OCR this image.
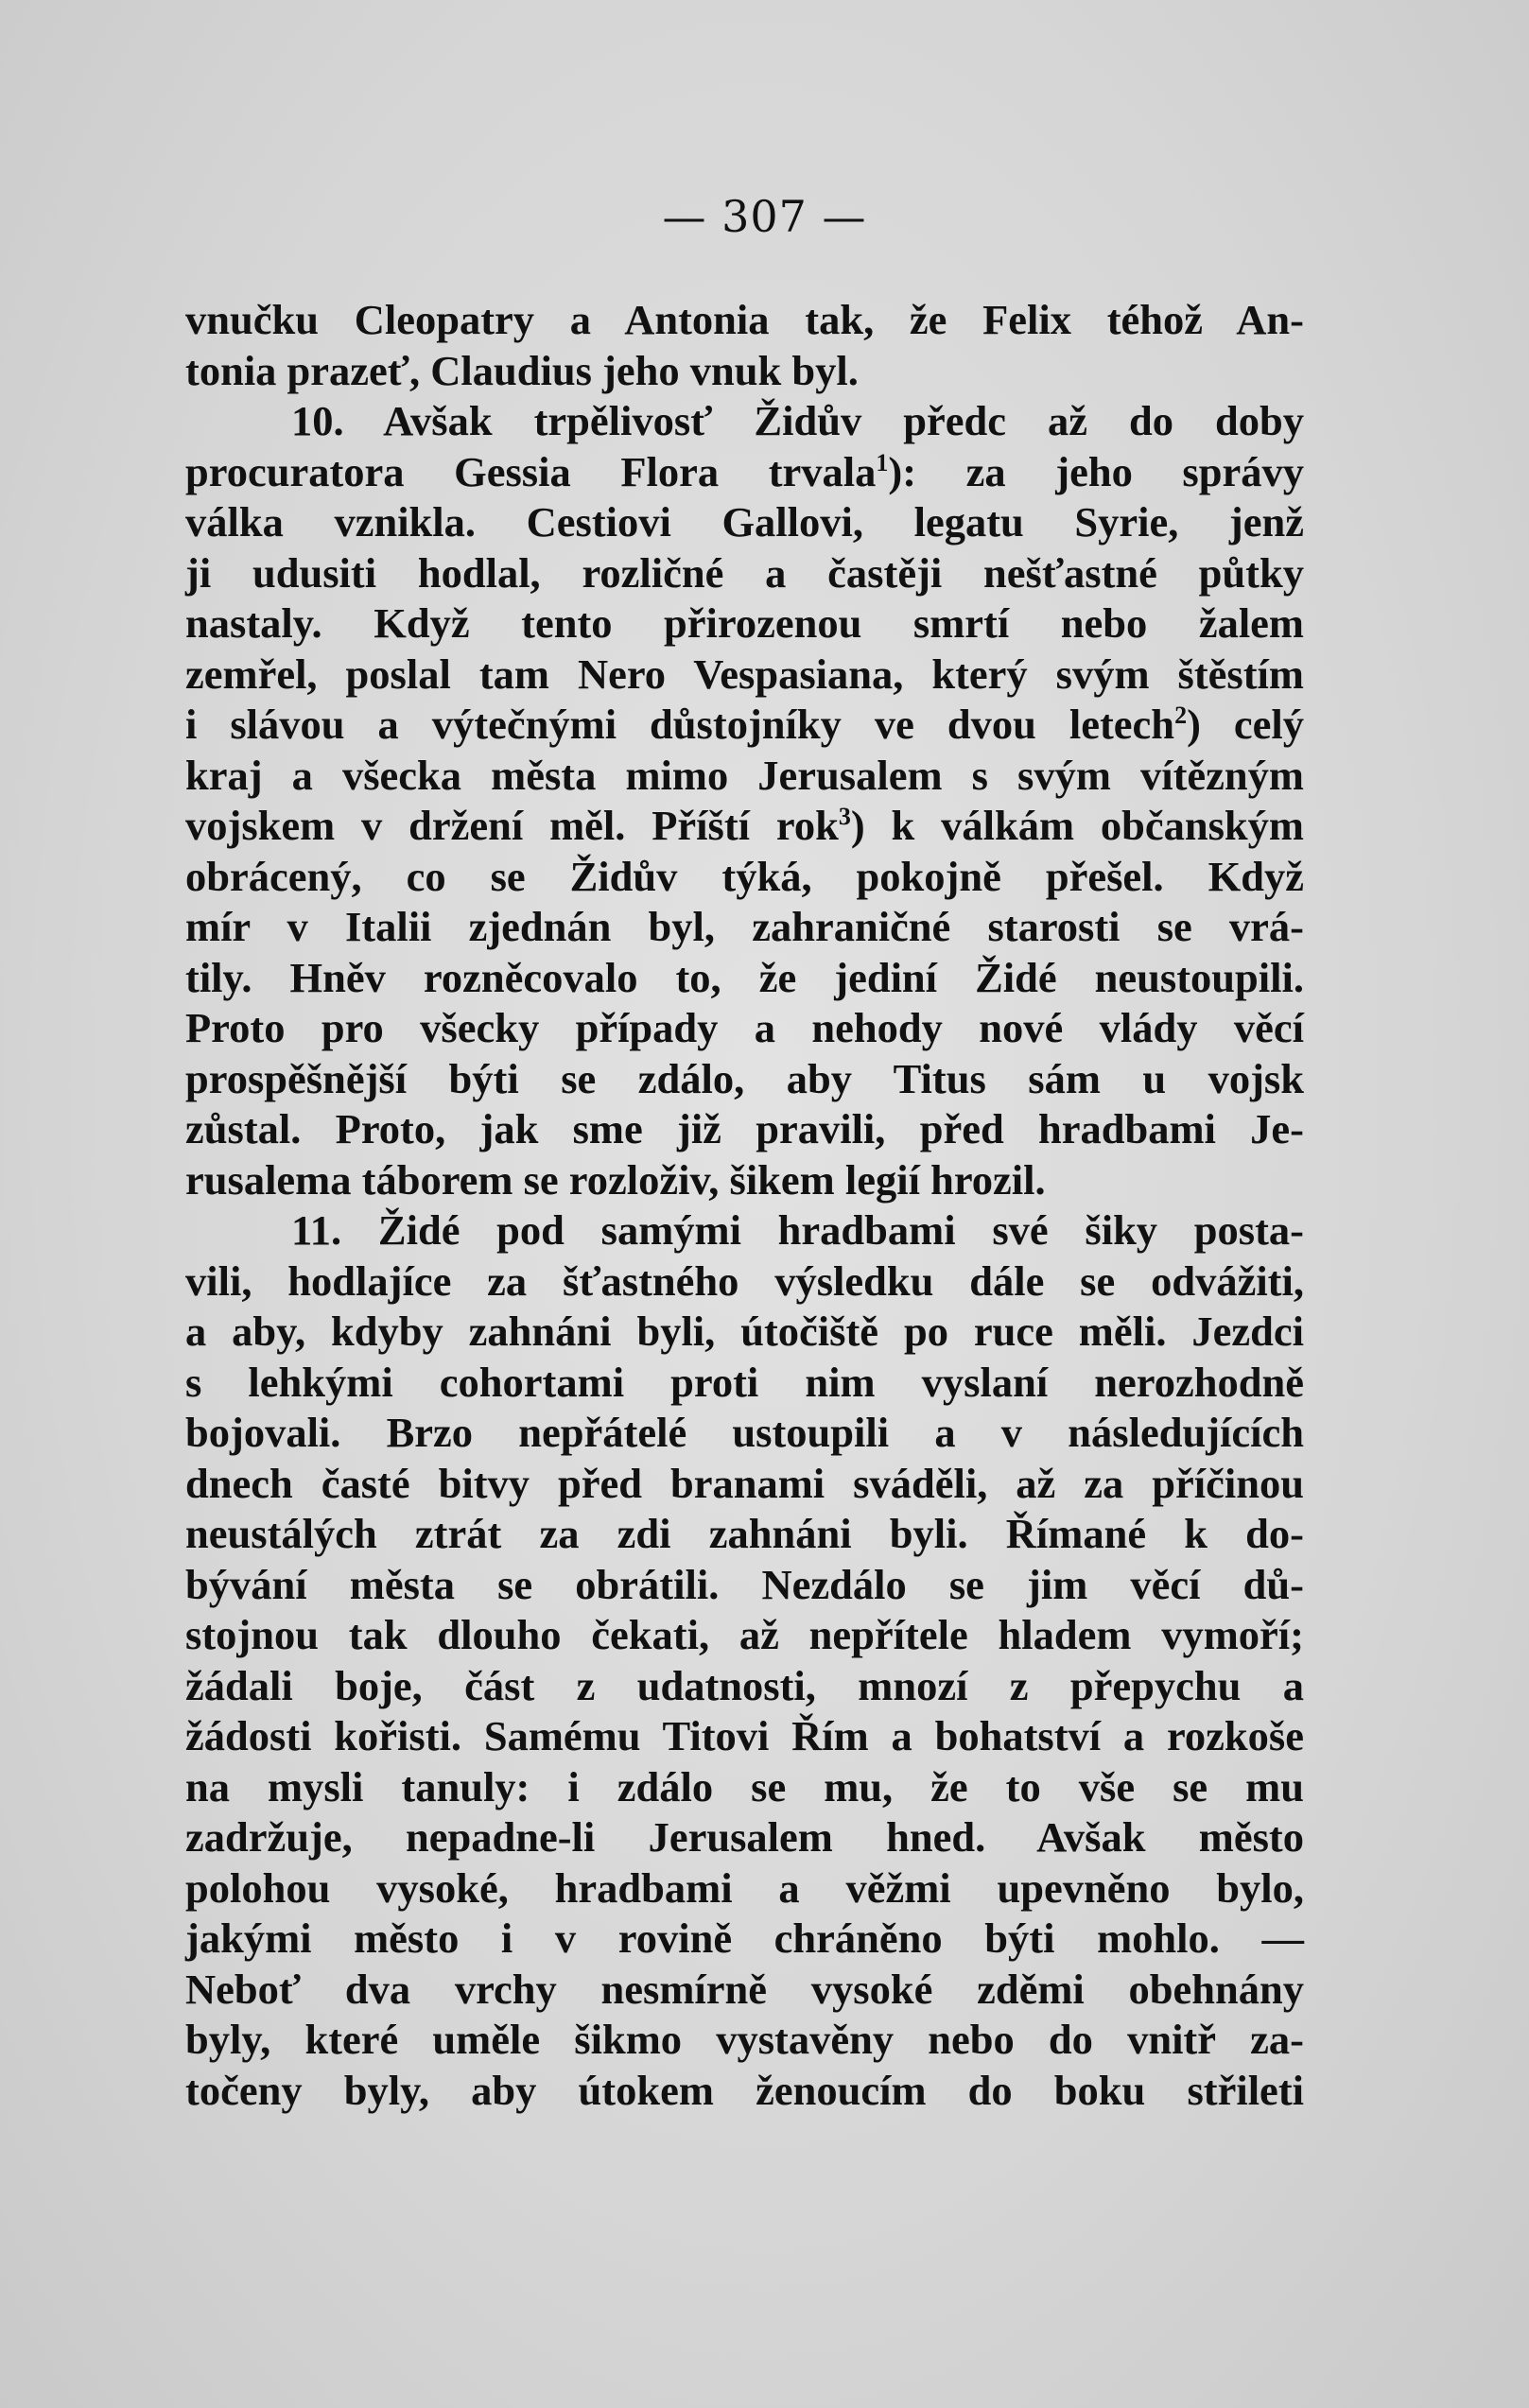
— 307 —
vnučku Cleopatry a Antonia tak, že Felix téhož An-
tonia prazeť, Claudius jeho vnuk byl.
10. Avšak trpělivosť Židův předc až do doby
procuratora Gessia Flora trvala$^1$): za jeho správy
válka vznikla. Cestiovi Gallovi, legatu Syrie, jenž
ji udusiti hodlal, rozličné a častěji nešťastné půtky
nastaly. Když tento přirozenou smrtí nebo žalem
zemřel, poslal tam Nero Vespasiana, který svým štěstím
i slávou a výtečnými důstojníky ve dvou letech$^2$) celý
kraj a všecka města mimo Jerusalem s svým vítězným
vojskem v držení měl. Příští rok$^3$) k válkám občanským
obrácený, co se Židův týká, pokojně přešel. Když
mír v Italii zjednán byl, zahraničné starosti se vrá-
tily. Hněv rozněcovalo to, že jediní Židé neustoupili.
Proto pro všecky případy a nehody nové vlády věcí
prospěšnější býti se zdálo, aby Titus sám u vojsk
zůstal. Proto, jak sme již pravili, před hradbami Je-
rusalema táborem se rozloživ, šikem legií hrozil.
11. Židé pod samými hradbami své šiky posta-
vili, hodlajíce za šťastného výsledku dále se odvážiti,
a aby, kdyby zahnáni byli, útočiště po ruce měli. Jezdci
s lehkými cohortami proti nim vyslaní nerozhodně
bojovali. Brzo nepřátelé ustoupili a v následujících
dnech časté bitvy před branami sváděli, až za příčinou
neustálých ztrát za zdi zahnáni byli. Římané k do-
bývání města se obrátili. Nezdálo se jim věcí dů-
stojnou tak dlouho čekati, až nepřítele hladem vymoří;
žádali boje, část z udatnosti, mnozí z přepychu a
žádosti kořisti. Samému Titovi Řím a bohatství a rozkoše
na mysli tanuly: i zdálo se mu, že to vše se mu
zadržuje, nepadne-li Jerusalem hned. Avšak město
polohou vysoké, hradbami a věžmi upevněno bylo,
jakými město i v rovině chráněno býti mohlo. —
Neboť dva vrchy nesmírně vysoké zděmi obehnány
byly, které uměle šikmo vystavěny nebo do vnitř za-
točeny byly, aby útokem ženoucím do boku střileti
